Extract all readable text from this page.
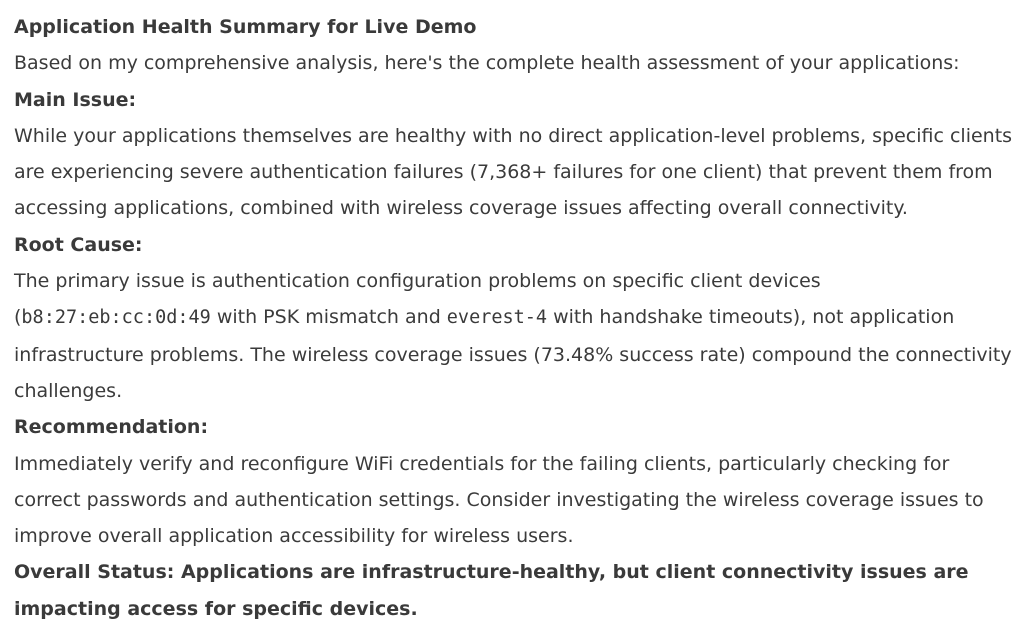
Application Health Summary for Live Demo

Based on my comprehensive analysis, here's the complete health assessment of your applications:

Main Issue:

While your applications themselves are healthy with no direct application-level problems, specific clients are experiencing severe authentication failures (7,368+ failures for one client) that prevent them from accessing applications, combined with wireless coverage issues affecting overall connectivity.

Root Cause:

The primary issue is authentication configuration problems on specific client devices (b8:27:eb:cc:0d:49 with PSK mismatch and everest-4 with handshake timeouts), not application infrastructure problems. The wireless coverage issues (73.48% success rate) compound the connectivity challenges.

Recommendation:

Immediately verify and reconfigure WiFi credentials for the failing clients, particularly checking for correct passwords and authentication settings. Consider investigating the wireless coverage issues to improve overall application accessibility for wireless users.

Overall Status: Applications are infrastructure-healthy, but client connectivity issues are impacting access for specific devices.
